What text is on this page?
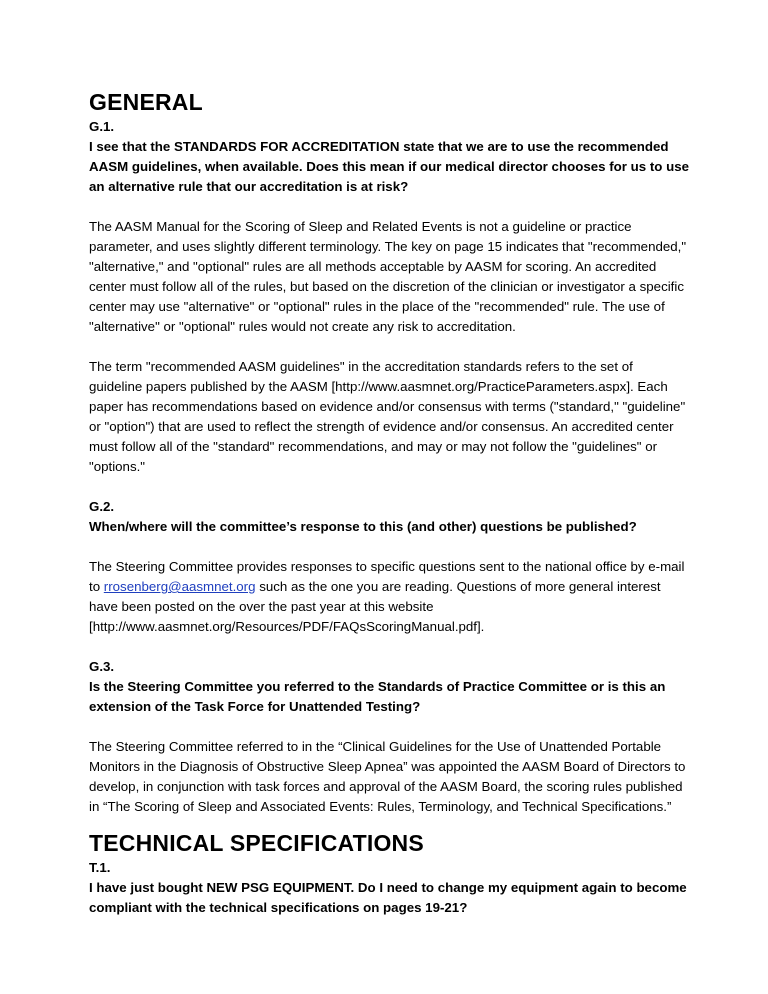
GENERAL

G.1.

I see that the STANDARDS FOR ACCREDITATION state that we are to use the recommended AASM guidelines, when available. Does this mean if our medical director chooses for us to use an alternative rule that our accreditation is at risk?

The AASM Manual for the Scoring of Sleep and Related Events is not a guideline or practice parameter, and uses slightly different terminology. The key on page 15 indicates that "recommended," "alternative," and "optional" rules are all methods acceptable by AASM for scoring. An accredited center must follow all of the rules, but based on the discretion of the clinician or investigator a specific center may use "alternative" or "optional" rules in the place of the "recommended" rule. The use of "alternative" or "optional" rules would not create any risk to accreditation.

The term "recommended AASM guidelines" in the accreditation standards refers to the set of guideline papers published by the AASM [http://www.aasmnet.org/PracticeParameters.aspx]. Each paper has recommendations based on evidence and/or consensus with terms ("standard," "guideline" or "option") that are used to reflect the strength of evidence and/or consensus. An accredited center must follow all of the "standard" recommendations, and may or may not follow the "guidelines" or "options."

G.2.

When/where will the committee’s response to this (and other) questions be published?

The Steering Committee provides responses to specific questions sent to the national office by e-mail to rrosenberg@aasmnet.org such as the one you are reading. Questions of more general interest have been posted on the over the past year at this website [http://www.aasmnet.org/Resources/PDF/FAQsScoringManual.pdf].

G.3.

Is the Steering Committee you referred to the Standards of Practice Committee or is this an extension of the Task Force for Unattended Testing?

The Steering Committee referred to in the “Clinical Guidelines for the Use of Unattended Portable Monitors in the Diagnosis of Obstructive Sleep Apnea” was appointed the AASM Board of Directors to develop, in conjunction with task forces and approval of the AASM Board, the scoring rules published in “The Scoring of Sleep and Associated Events: Rules, Terminology, and Technical Specifications.”

TECHNICAL SPECIFICATIONS

T.1.

I have just bought NEW PSG EQUIPMENT. Do I need to change my equipment again to become compliant with the technical specifications on pages 19-21?
